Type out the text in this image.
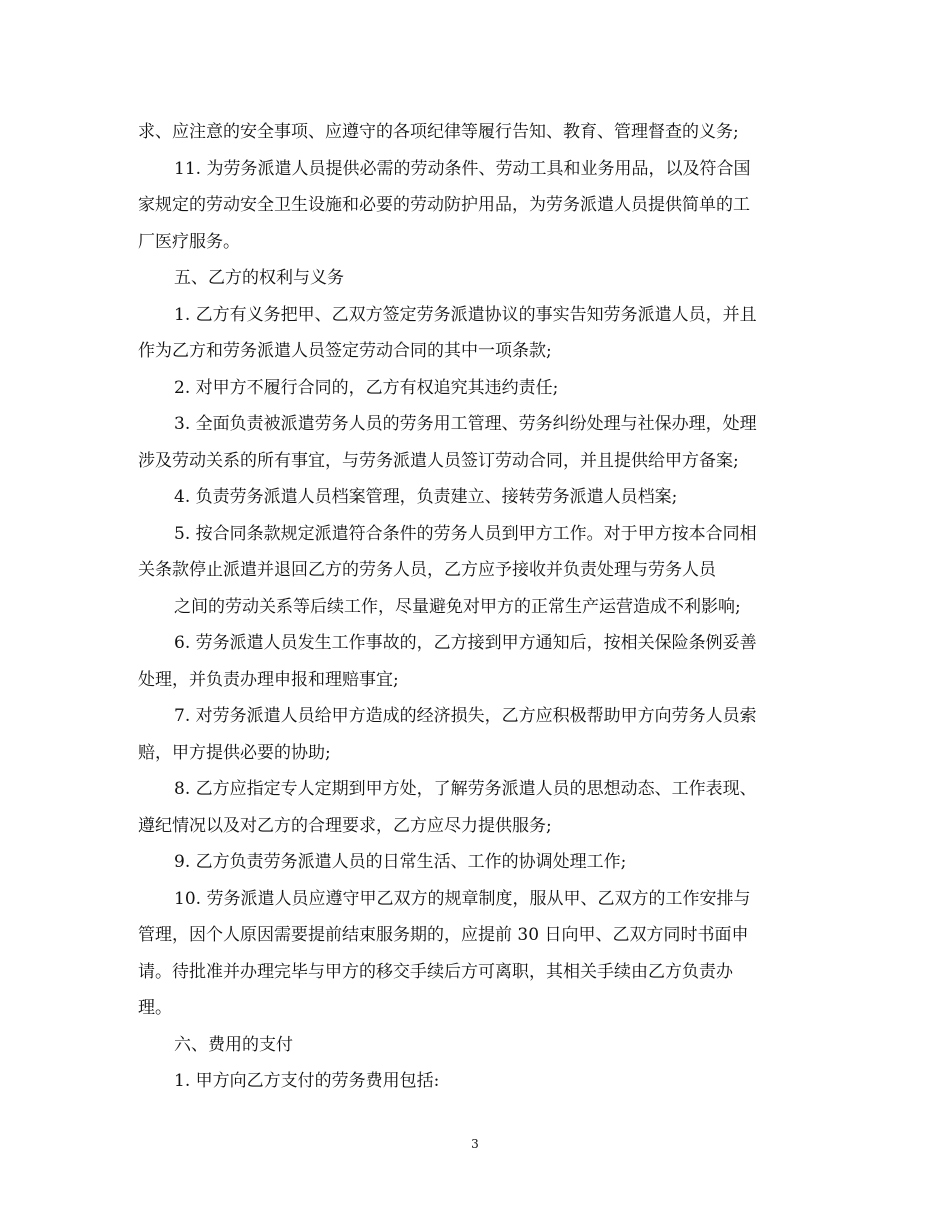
求、应注意的安全事项、应遵守的各项纪律等履行告知、教育、管理督查的义务;
11. 为劳务派遣人员提供必需的劳动条件、劳动工具和业务用品，以及符合国
家规定的劳动安全卫生设施和必要的劳动防护用品，为劳务派遣人员提供简单的工
厂医疗服务。
五、乙方的权利与义务
1. 乙方有义务把甲、乙双方签定劳务派遣协议的事实告知劳务派遣人员，并且
作为乙方和劳务派遣人员签定劳动合同的其中一项条款;
2. 对甲方不履行合同的，乙方有权追究其违约责任;
3. 全面负责被派遣劳务人员的劳务用工管理、劳务纠纷处理与社保办理，处理
涉及劳动关系的所有事宜，与劳务派遣人员签订劳动合同，并且提供给甲方备案;
4. 负责劳务派遣人员档案管理，负责建立、接转劳务派遣人员档案;
5. 按合同条款规定派遣符合条件的劳务人员到甲方工作。对于甲方按本合同相
关条款停止派遣并退回乙方的劳务人员，乙方应予接收并负责处理与劳务人员
之间的劳动关系等后续工作，尽量避免对甲方的正常生产运营造成不利影响;
6. 劳务派遣人员发生工作事故的，乙方接到甲方通知后，按相关保险条例妥善
处理，并负责办理申报和理赔事宜;
7. 对劳务派遣人员给甲方造成的经济损失，乙方应积极帮助甲方向劳务人员索
赔，甲方提供必要的协助;
8. 乙方应指定专人定期到甲方处，了解劳务派遣人员的思想动态、工作表现、
遵纪情况以及对乙方的合理要求，乙方应尽力提供服务;
9. 乙方负责劳务派遣人员的日常生活、工作的协调处理工作;
10. 劳务派遣人员应遵守甲乙双方的规章制度，服从甲、乙双方的工作安排与
管理，因个人原因需要提前结束服务期的，应提前 30 日向甲、乙双方同时书面申
请。待批准并办理完毕与甲方的移交手续后方可离职，其相关手续由乙方负责办
理。
六、费用的支付
1. 甲方向乙方支付的劳务费用包括:
3
